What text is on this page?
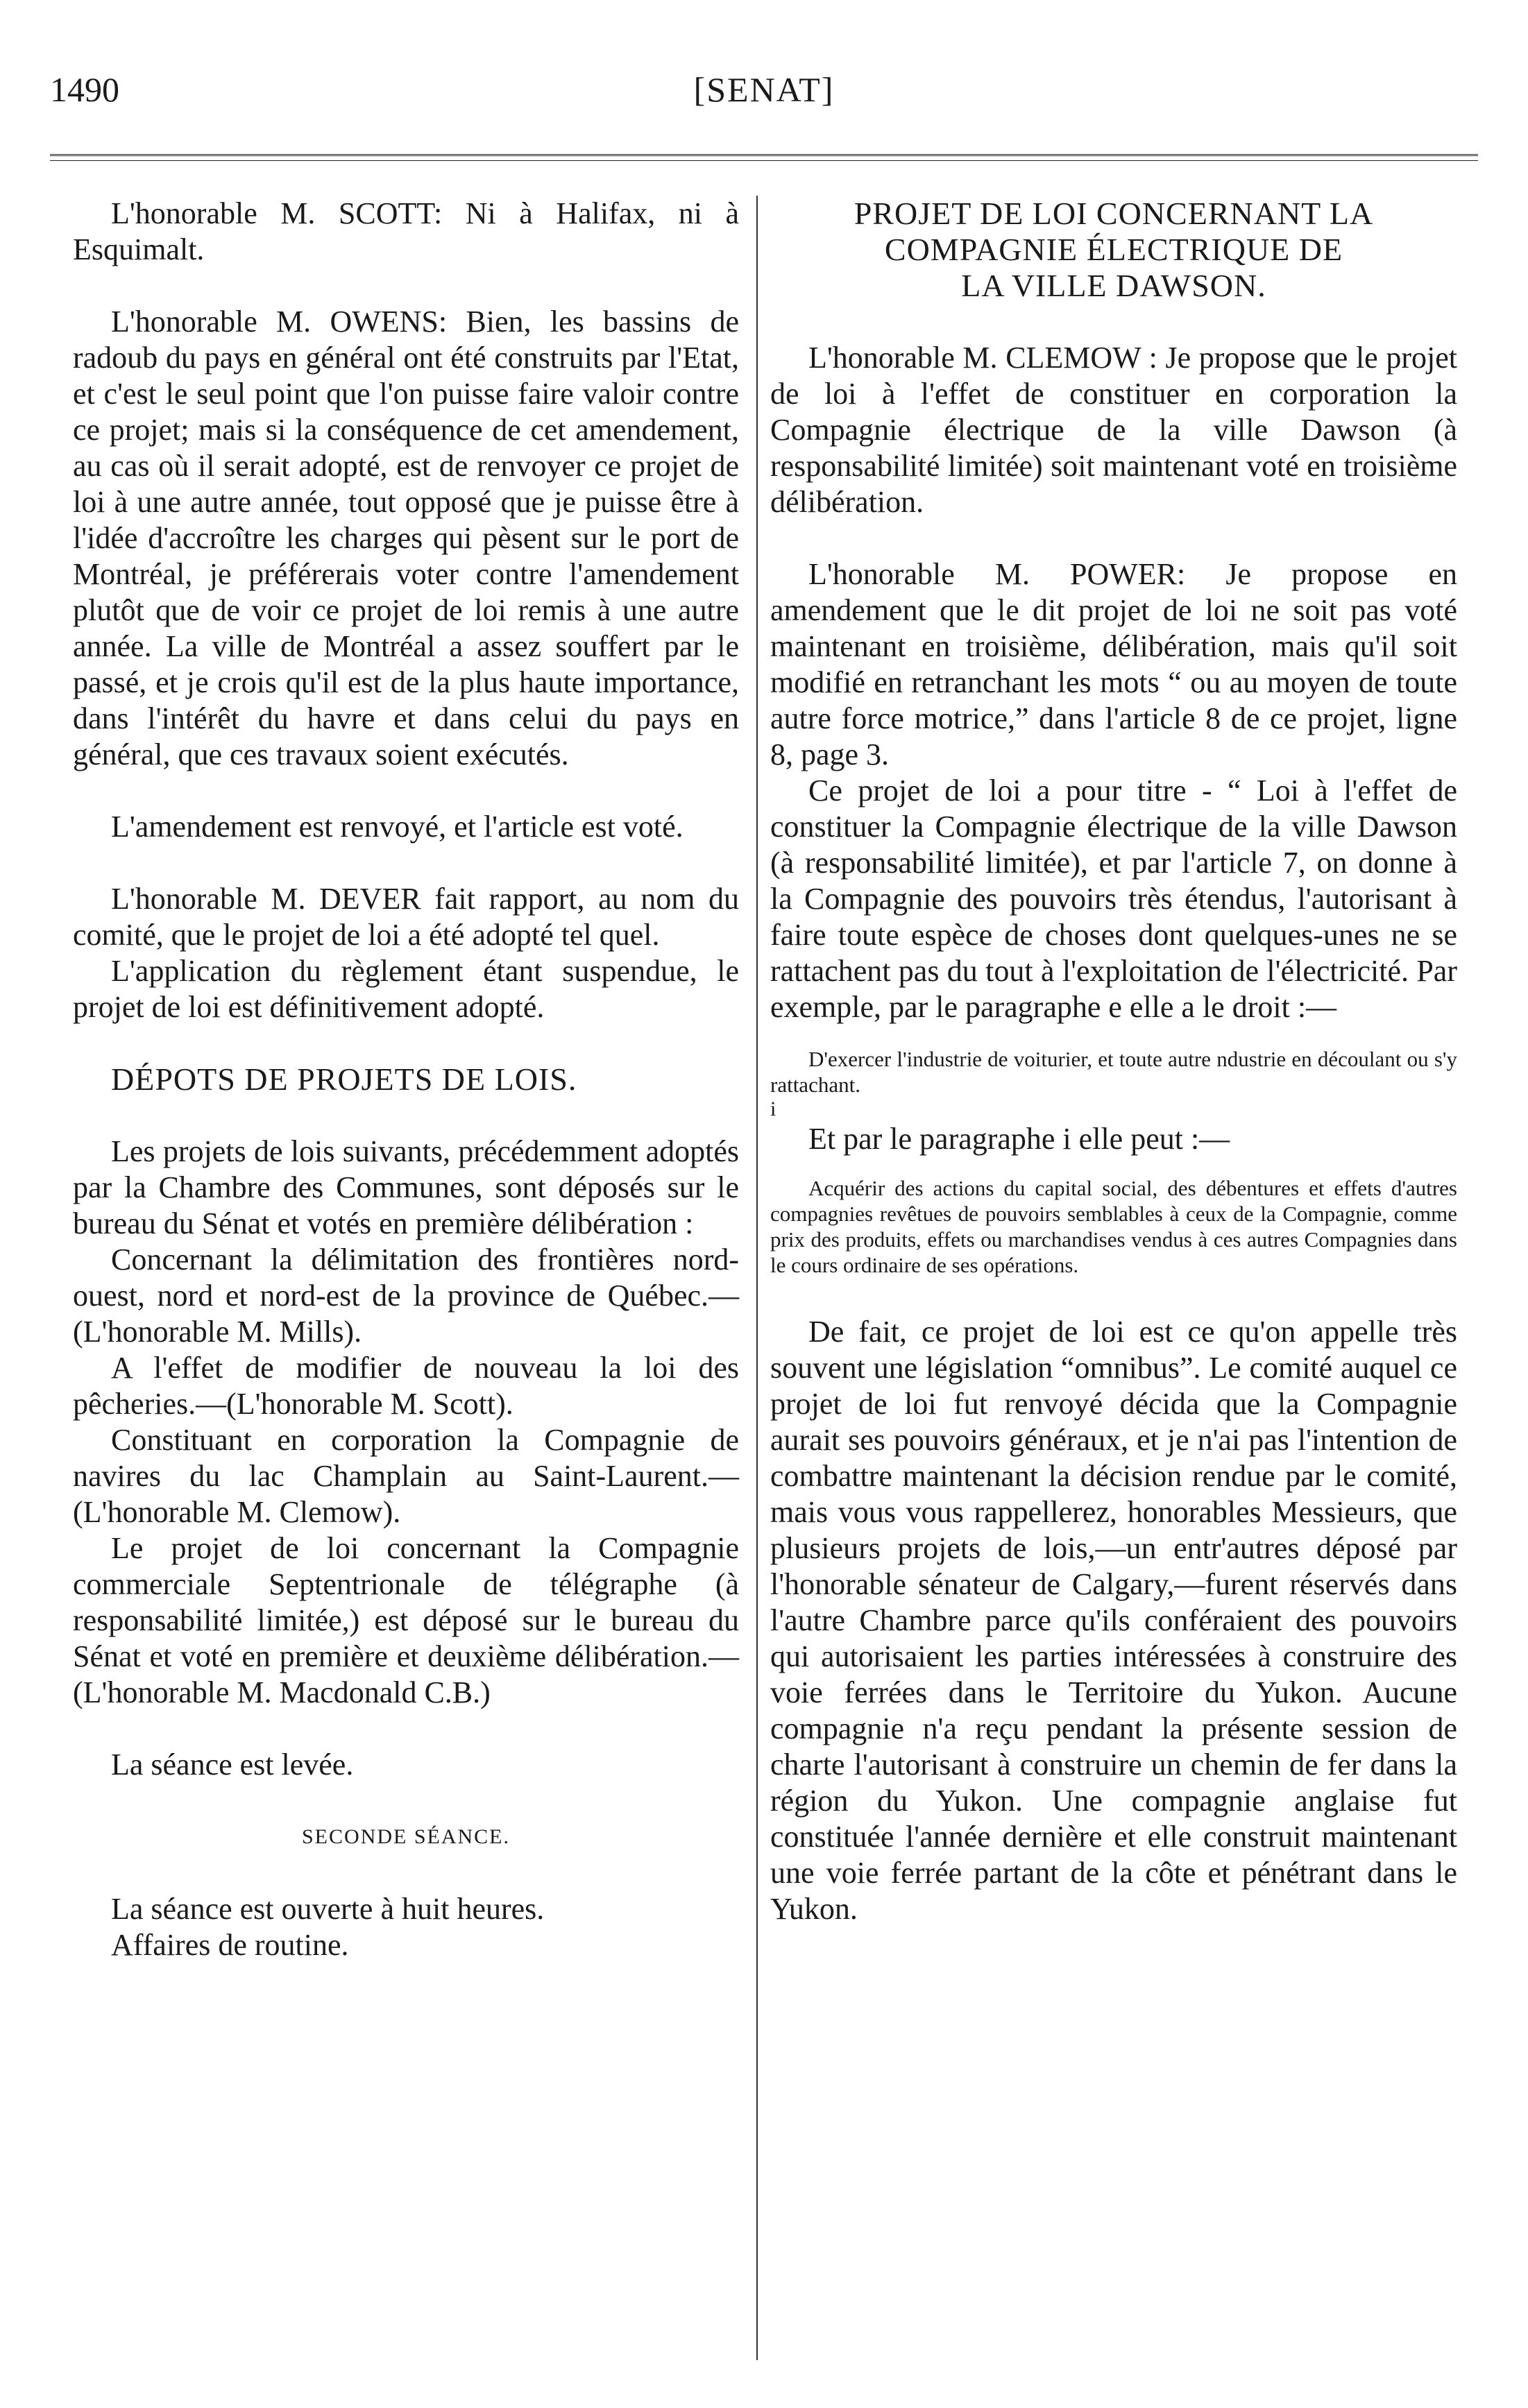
1490	[SENAT]

L'honorable M. SCOTT: Ni à Halifax, ni à Esquimalt.

L'honorable M. OWENS: Bien, les bassins de radoub du pays en général ont été construits par l'Etat, et c'est le seul point que l'on puisse faire valoir contre ce projet; mais si la conséquence de cet amendement, au cas où il serait adopté, est de renvoyer ce projet de loi à une autre année, tout opposé que je puisse être à l'idée d'accroître les charges qui pèsent sur le port de Montréal, je préférerais voter contre l'amendement plutôt que de voir ce projet de loi remis à une autre année. La ville de Montréal a assez souffert par le passé, et je crois qu'il est de la plus haute importance, dans l'intérêt du havre et dans celui du pays en général, que ces travaux soient exécutés.

L'amendement est renvoyé, et l'article est voté.

L'honorable M. DEVER fait rapport, au nom du comité, que le projet de loi a été adopté tel quel.

L'application du règlement étant suspendue, le projet de loi est définitivement adopté.

DÉPOTS DE PROJETS DE LOIS.

Les projets de lois suivants, précédemment adoptés par la Chambre des Communes, sont déposés sur le bureau du Sénat et votés en première délibération :

Concernant la délimitation des frontières nord-ouest, nord et nord-est de la province de Québec.—(L'honorable M. Mills).

A l'effet de modifier de nouveau la loi des pêcheries.—(L'honorable M. Scott).

Constituant en corporation la Compagnie de navires du lac Champlain au Saint-Laurent.—(L'honorable M. Clemow).

Le projet de loi concernant la Compagnie commerciale Septentrionale de télégraphe (à responsabilité limitée,) est déposé sur le bureau du Sénat et voté en première et deuxième délibération.—(L'honorable M. Macdonald C.B.)

La séance est levée.

SECONDE SÉANCE.

La séance est ouverte à huit heures.

Affaires de routine.

PROJET DE LOI CONCERNANT LA
COMPAGNIE ÉLECTRIQUE DE
LA VILLE DAWSON.

L'honorable M. CLEMOW : Je propose que le projet de loi à l'effet de constituer en corporation la Compagnie électrique de la ville Dawson (à responsabilité limitée) soit maintenant voté en troisième délibération.

L'honorable M. POWER: Je propose en amendement que le dit projet de loi ne soit pas voté maintenant en troisième, délibération, mais qu'il soit modifié en retranchant les mots “ ou au moyen de toute autre force motrice,” dans l'article 8 de ce projet, ligne 8, page 3.

Ce projet de loi a pour titre - “ Loi à l'effet de constituer la Compagnie électrique de la ville Dawson (à responsabilité limitée), et par l'article 7, on donne à la Compagnie des pouvoirs très étendus, l'autorisant à faire toute espèce de choses dont quelques-unes ne se rattachent pas du tout à l'exploitation de l'électricité. Par exemple, par le paragraphe e elle a le droit :—

D'exercer l'industrie de voiturier, et toute autre ndustrie en découlant ou s'y rattachant.

i

Et par le paragraphe i elle peut :—

Acquérir des actions du capital social, des débentures et effets d'autres compagnies revêtues de pouvoirs semblables à ceux de la Compagnie, comme prix des produits, effets ou marchandises vendus à ces autres Compagnies dans le cours ordinaire de ses opérations.

De fait, ce projet de loi est ce qu'on appelle très souvent une législation “omnibus”. Le comité auquel ce projet de loi fut renvoyé décida que la Compagnie aurait ses pouvoirs généraux, et je n'ai pas l'intention de combattre maintenant la décision rendue par le comité, mais vous vous rappellerez, honorables Messieurs, que plusieurs projets de lois,—un entr'autres déposé par l'honorable sénateur de Calgary,—furent réservés dans l'autre Chambre parce qu'ils conféraient des pouvoirs qui autorisaient les parties intéressées à construire des voie ferrées dans le Territoire du Yukon. Aucune compagnie n'a reçu pendant la présente session de charte l'autorisant à construire un chemin de fer dans la région du Yukon. Une compagnie anglaise fut constituée l'année dernière et elle construit maintenant une voie ferrée partant de la côte et pénétrant dans le Yukon.
